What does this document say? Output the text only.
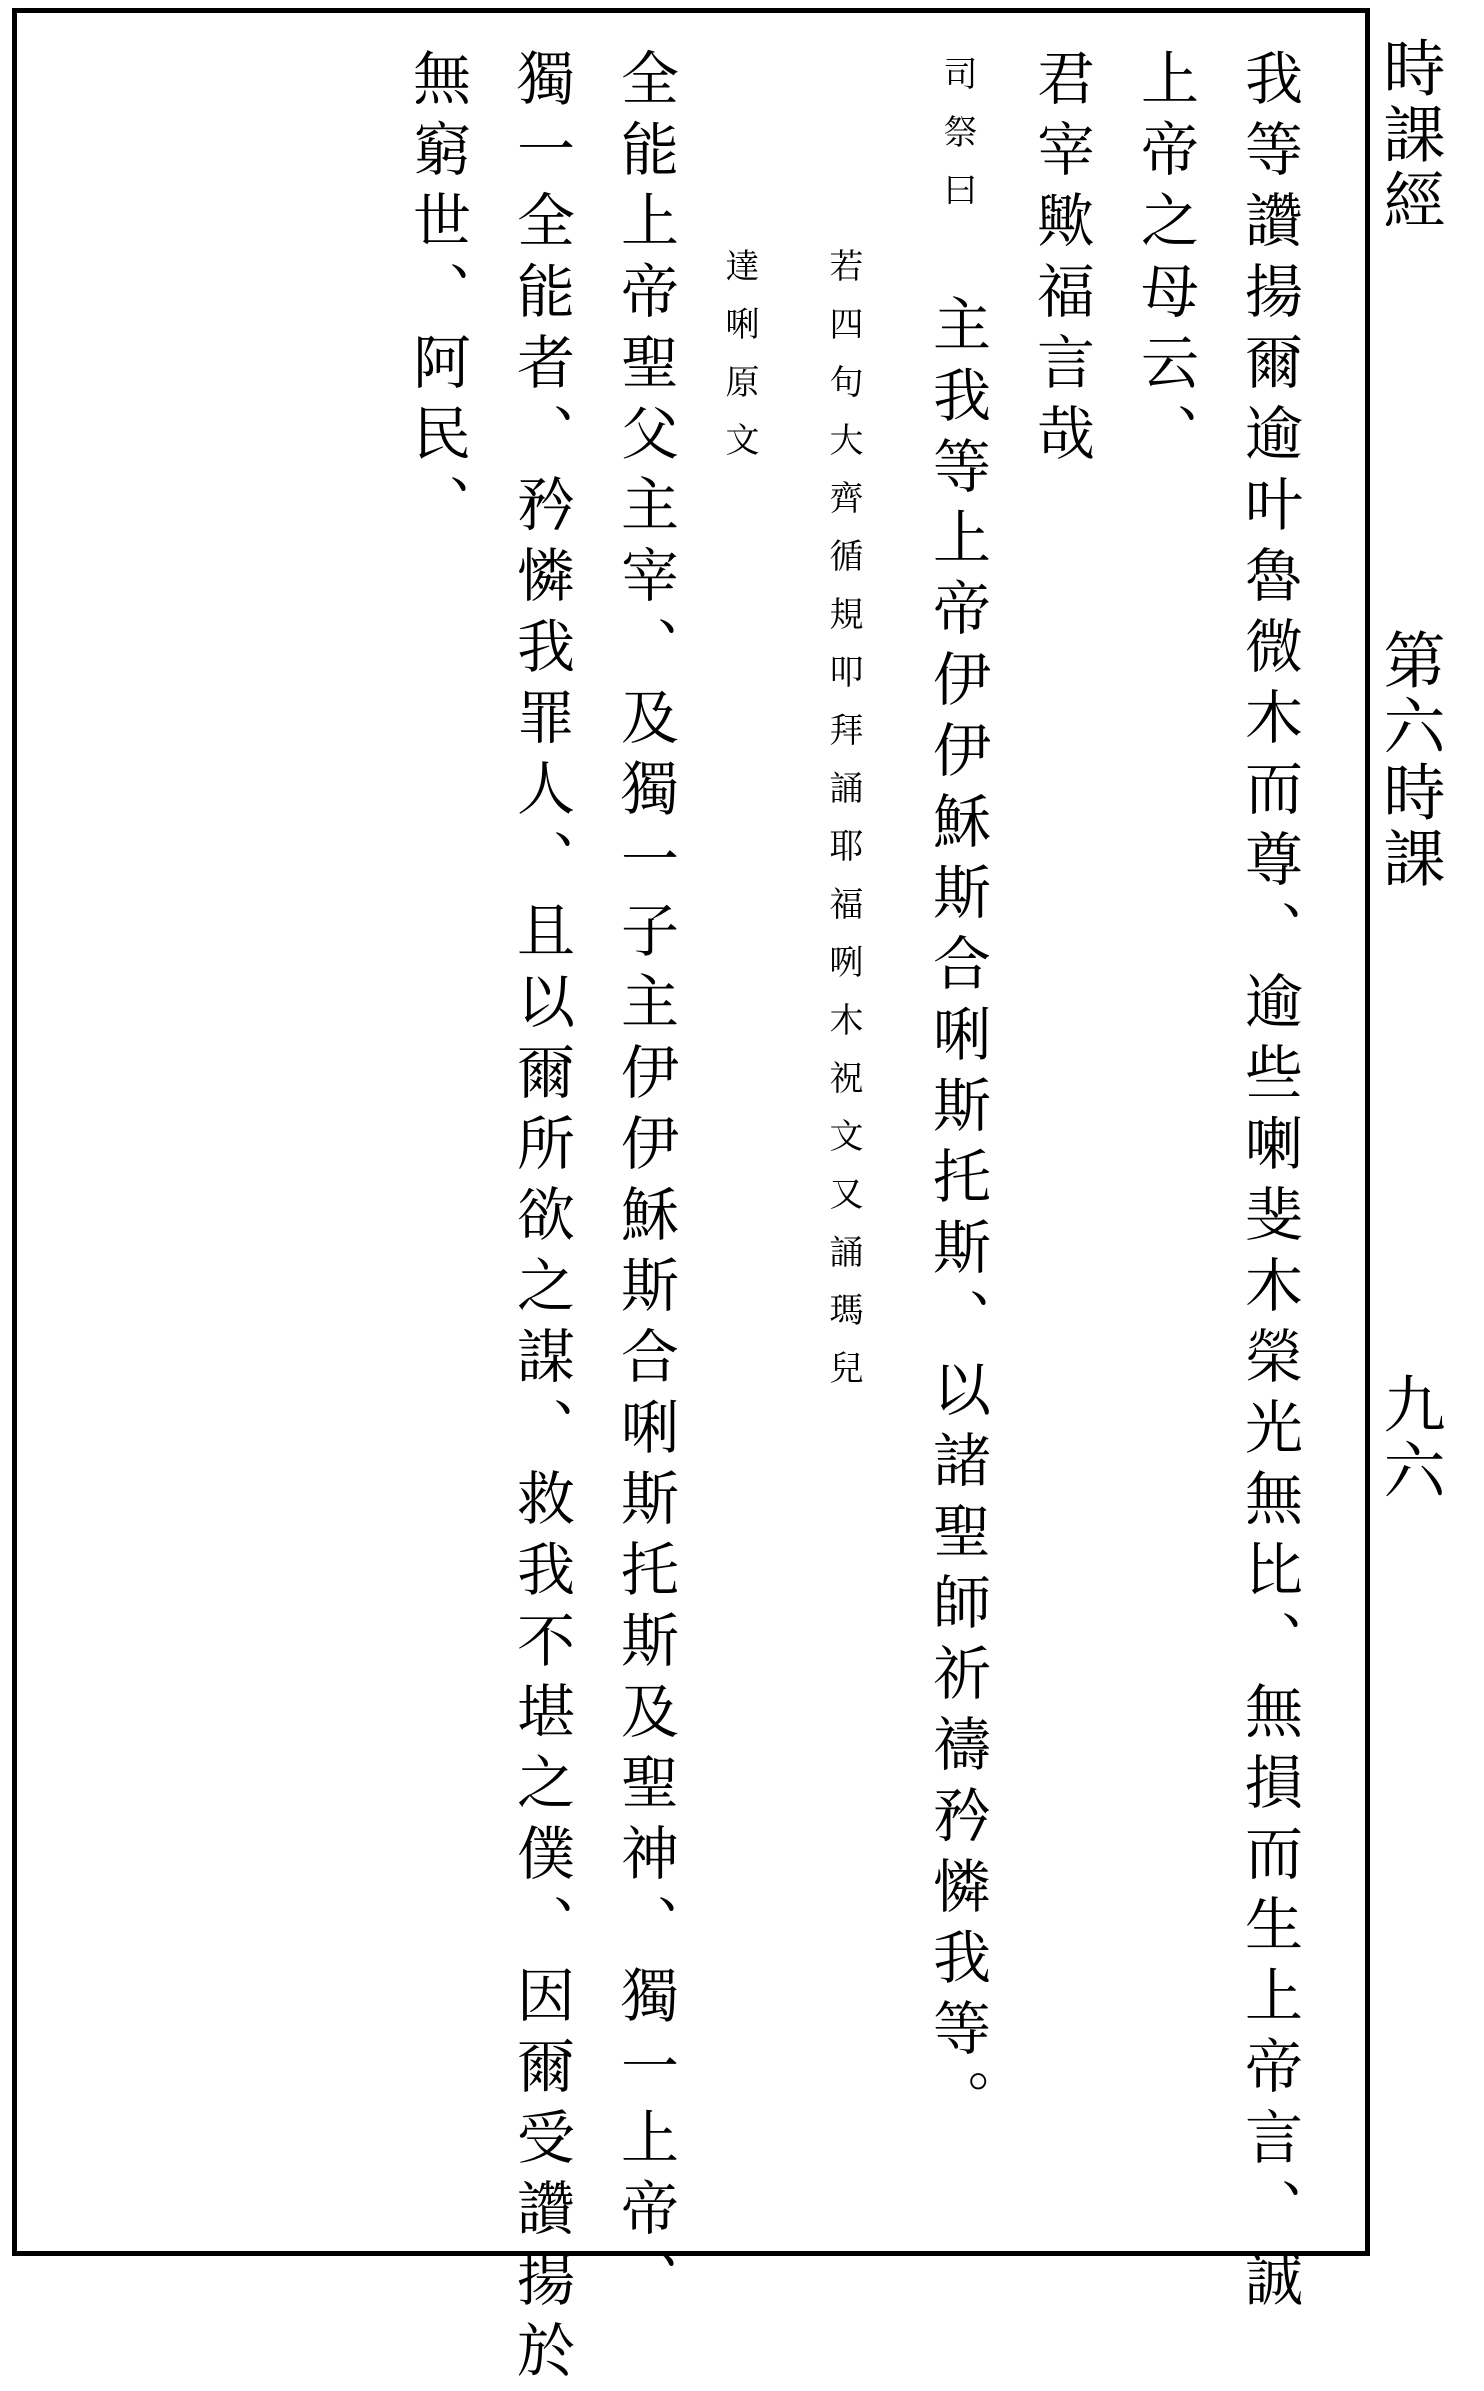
時課經
第六時課
九六
我等讚揚爾逾叶魯微木而尊、逾些喇斐木榮光無比、無損而生上帝言、誠
上帝之母云、
君宰歟福言哉
司祭曰
主我等上帝伊伊穌斯合唎斯托斯、以諸聖師祈禱矜憐我等。
若四句大齊循規叩拜誦耶福咧木祝文又誦瑪兒
達唎原文
全能上帝聖父主宰、及獨一子主伊伊穌斯合唎斯托斯及聖神、獨一上帝、
獨一全能者、矜憐我罪人、且以爾所欲之謀、救我不堪之僕、因爾受讚揚於
無窮世、阿民、
